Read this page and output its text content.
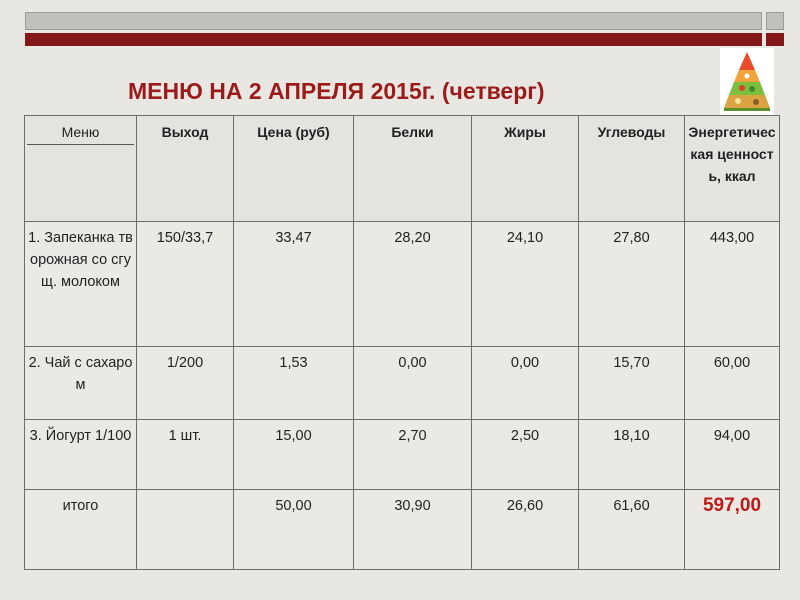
МЕНЮ НА 2 АПРЕЛЯ 2015г. (четверг)
Меню	Выход	Цена (руб)	Белки	Жиры	Углеводы	Энергетическая ценность, ккал
1. Запеканка творожная со сгущ. молоком	150/33,7	33,47	28,20	24,10	27,80	443,00
2. Чай с сахаром	1/200	1,53	0,00	0,00	15,70	60,00
3. Йогурт 1/100	1 шт.	15,00	2,70	2,50	18,10	94,00
итого		50,00	30,90	26,60	61,60	597,00
